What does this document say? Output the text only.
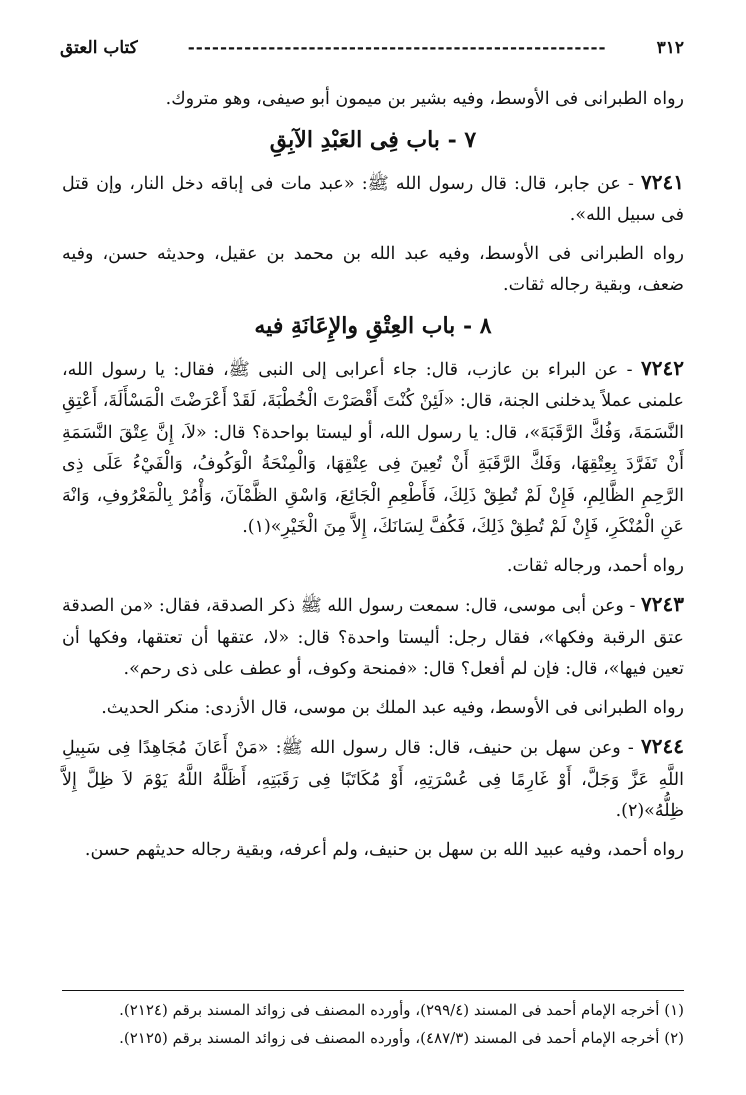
٣١٢
----------------------------------------------------
كتاب العتق

رواه الطبرانى فى الأوسط، وفيه بشير بن ميمون أبو صيفى، وهو متروك.

٧ - باب فِى العَبْدِ الآبِقِ

٧٢٤١ - عن جابر، قال: قال رسول الله ﷺ: «عبد مات فى إباقه دخل النار، وإن قتل فى سبيل الله».

رواه الطبرانى فى الأوسط، وفيه عبد الله بن محمد بن عقيل، وحديثه حسن، وفيه ضعف، وبقية رجاله ثقات.

٨ - باب العِتْقِ والإِعَانَةِ فيه

٧٢٤٢ - عن البراء بن عازب، قال: جاء أعرابى إلى النبى ﷺ، فقال: يا رسول الله، علمنى عملاً يدخلنى الجنة، قال: «لَئِنْ كُنْتَ أَقْصَرْتَ الْخُطْبَةَ، لَقَدْ أَعْرَضْتَ الْمَسْأَلَةَ، أَعْتِقِ النَّسَمَةَ، وَفُكَّ الرَّقَبَةَ»، قال: يا رسول الله، أو ليستا بواحدة؟ قال: «لاَ، إِنَّ عِتْقَ النَّسَمَةِ أَنْ تَفَرَّدَ بِعِتْقِهَا، وَفَكَّ الرَّقَبَةِ أَنْ تُعِينَ فِى عِتْقِهَا، وَالْمِنْحَةُ الْوَكُوفُ، وَالْفَيْءُ عَلَى ذِى الرَّحِمِ الظَّالِمِ، فَإِنْ لَمْ تُطِقْ ذَلِكَ، فَأَطْعِمِ الْجَائِعَ، وَاسْقِ الظَّمْآنَ، وَأْمُرْ بِالْمَعْرُوفِ، وَانْهَ عَنِ الْمُنْكَرِ، فَإِنْ لَمْ تُطِقْ ذَلِكَ، فَكُفَّ لِسَانَكَ، إِلاَّ مِنَ الْخَيْرِ»(١).

رواه أحمد، ورجاله ثقات.

٧٢٤٣ - وعن أبى موسى، قال: سمعت رسول الله ﷺ ذكر الصدقة، فقال: «من الصدقة عتق الرقبة وفكها»، فقال رجل: أليستا واحدة؟ قال: «لا، عتقها أن تعتقها، وفكها أن تعين فيها»، قال: فإن لم أفعل؟ قال: «فمنحة وكوف، أو عطف على ذى رحم».

رواه الطبرانى فى الأوسط، وفيه عبد الملك بن موسى، قال الأزدى: منكر الحديث.

٧٢٤٤ - وعن سهل بن حنيف، قال: قال رسول الله ﷺ: «مَنْ أَعَانَ مُجَاهِدًا فِى سَبِيلِ اللَّهِ عَزَّ وَجَلَّ، أَوْ غَارِمًا فِى عُسْرَتِهِ، أَوْ مُكَاتَبًا فِى رَقَبَتِهِ، أَظَلَّهُ اللَّهُ يَوْمَ لاَ ظِلَّ إِلاَّ ظِلُّهُ»(٢).

رواه أحمد، وفيه عبيد الله بن سهل بن حنيف، ولم أعرفه، وبقية رجاله حديثهم حسن.

(١) أخرجه الإمام أحمد فى المسند (٢٩٩/٤)، وأورده المصنف فى زوائد المسند برقم (٢١٢٤).

(٢) أخرجه الإمام أحمد فى المسند (٤٨٧/٣)، وأورده المصنف فى زوائد المسند برقم (٢١٢٥).
